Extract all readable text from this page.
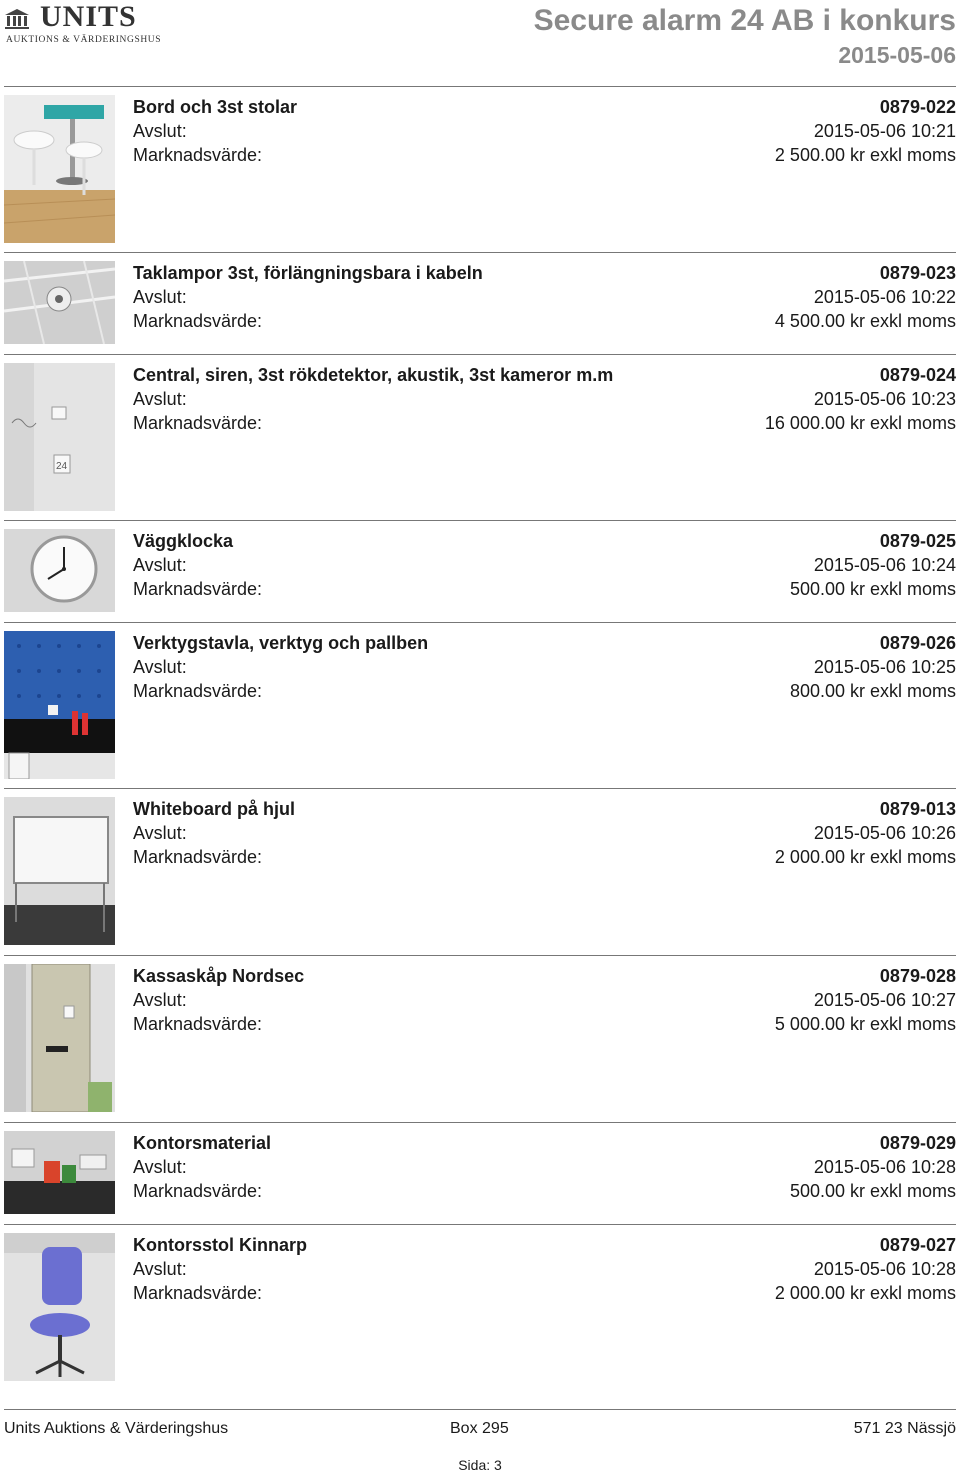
UNITS
AUKTIONS & VÄRDERINGSHUS
Secure alarm 24 AB i konkurs
2015-05-06
Bord och 3st stolar	0879-022
Avslut:	2015-05-06 10:21
Marknadsvärde:	2 500.00 kr exkl moms
Taklampor 3st, förlängningsbara i kabeln	0879-023
Avslut:	2015-05-06 10:22
Marknadsvärde:	4 500.00 kr exkl moms
24
Central, siren, 3st rökdetektor, akustik, 3st kameror m.m	0879-024
Avslut:	2015-05-06 10:23
Marknadsvärde:	16 000.00 kr exkl moms
Väggklocka	0879-025
Avslut:	2015-05-06 10:24
Marknadsvärde:	500.00 kr exkl moms
Verktygstavla, verktyg och pallben	0879-026
Avslut:	2015-05-06 10:25
Marknadsvärde:	800.00 kr exkl moms
Whiteboard på hjul	0879-013
Avslut:	2015-05-06 10:26
Marknadsvärde:	2 000.00 kr exkl moms
Kassaskåp Nordsec	0879-028
Avslut:	2015-05-06 10:27
Marknadsvärde:	5 000.00 kr exkl moms
Kontorsmaterial	0879-029
Avslut:	2015-05-06 10:28
Marknadsvärde:	500.00 kr exkl moms
Kontorsstol Kinnarp	0879-027
Avslut:	2015-05-06 10:28
Marknadsvärde:	2 000.00 kr exkl moms
Units Auktions & Värderingshus	Box 295	571 23 Nässjö
Sida: 3
